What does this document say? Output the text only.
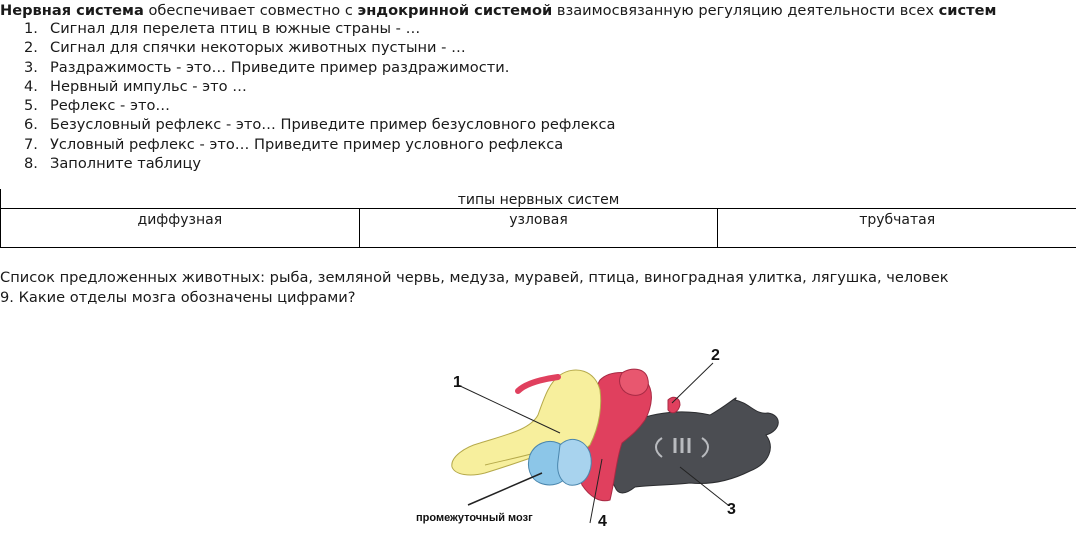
Нервная система обеспечивает совместно с эндокринной системой взаимосвязанную регуляцию деятельности всех систем
1. Сигнал для перелета птиц в южные страны - …
2. Сигнал для спячки некоторых животных пустыни - …
3. Раздражимость - это… Приведите пример раздражимости.
4. Нервный импульс - это …
5. Рефлекс - это…
6. Безусловный рефлекс - это… Приведите пример безусловного рефлекса
7. Условный рефлекс - это… Приведите пример условного рефлекса
8. Заполните таблицу
типы нервных систем
диффузная	узловая	трубчатая
Список предложенных животных: рыба, земляной червь, медуза, муравей, птица, виноградная улитка, лягушка, человек
9. Какие отделы мозга обозначены цифрами?
1
2
3
4
промежуточный мозг
